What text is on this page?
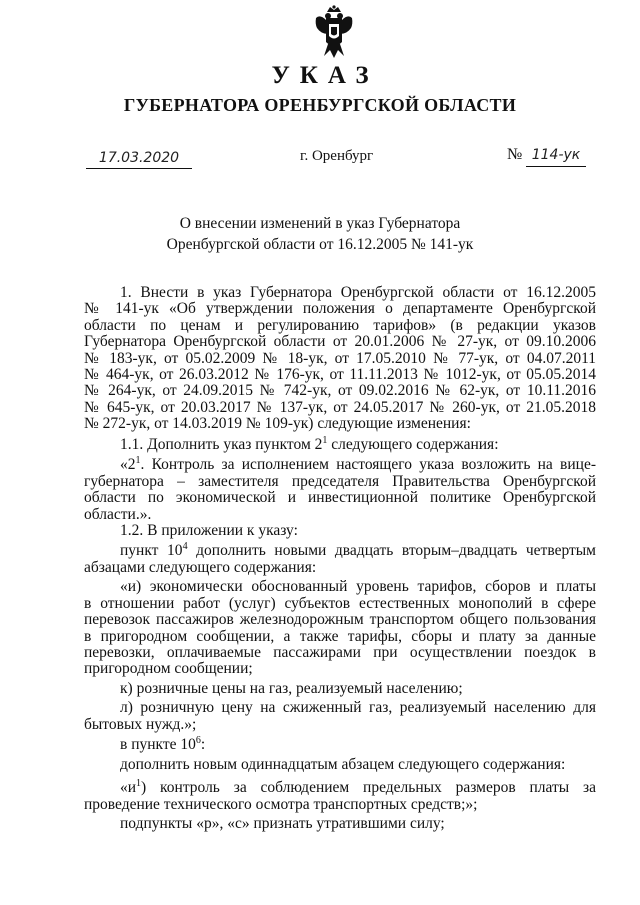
УКАЗ
ГУБЕРНАТОРА ОРЕНБУРГСКОЙ ОБЛАСТИ
17.03.2020	г. Оренбург	№ 114-ук
О внесении изменений в указ Губернатора
Оренбургской области от 16.12.2005 № 141-ук
1. Внести в указ Губернатора Оренбургской области от 16.12.2005
№ 141-ук «Об утверждении положения о департаменте Оренбургской
области по ценам и регулированию тарифов» (в редакции указов
Губернатора Оренбургской области от 20.01.2006 № 27-ук, от 09.10.2006
№ 183-ук, от 05.02.2009 № 18-ук, от 17.05.2010 № 77-ук, от 04.07.2011
№ 464-ук, от 26.03.2012 № 176-ук, от 11.11.2013 № 1012-ук, от 05.05.2014
№ 264-ук, от 24.09.2015 № 742-ук, от 09.02.2016 № 62-ук, от 10.11.2016
№ 645-ук, от 20.03.2017 № 137-ук, от 24.05.2017 № 260-ук, от 21.05.2018
№ 272-ук, от 14.03.2019 № 109-ук) следующие изменения:
1.1. Дополнить указ пунктом $2^1$ следующего содержания:
«$2^1$. Контроль за исполнением настоящего указа возложить на вице-
губернатора – заместителя председателя Правительства Оренбургской
области по экономической и инвестиционной политике Оренбургской
области.».
1.2. В приложении к указу:
пункт $10^4$ дополнить новыми двадцать вторым–двадцать четвертым
абзацами следующего содержания:
«и) экономически обоснованный уровень тарифов, сборов и платы
в отношении работ (услуг) субъектов естественных монополий в сфере
перевозок пассажиров железнодорожным транспортом общего пользования
в пригородном сообщении, а также тарифы, сборы и плату за данные
перевозки, оплачиваемые пассажирами при осуществлении поездок в
пригородном сообщении;
к) розничные цены на газ, реализуемый населению;
л) розничную цену на сжиженный газ, реализуемый населению для
бытовых нужд.»;
в пункте $10^6$:
дополнить новым одиннадцатым абзацем следующего содержания:
«$и^1$) контроль за соблюдением предельных размеров платы за
проведение технического осмотра транспортных средств;»;
подпункты «р», «с» признать утратившими силу;
